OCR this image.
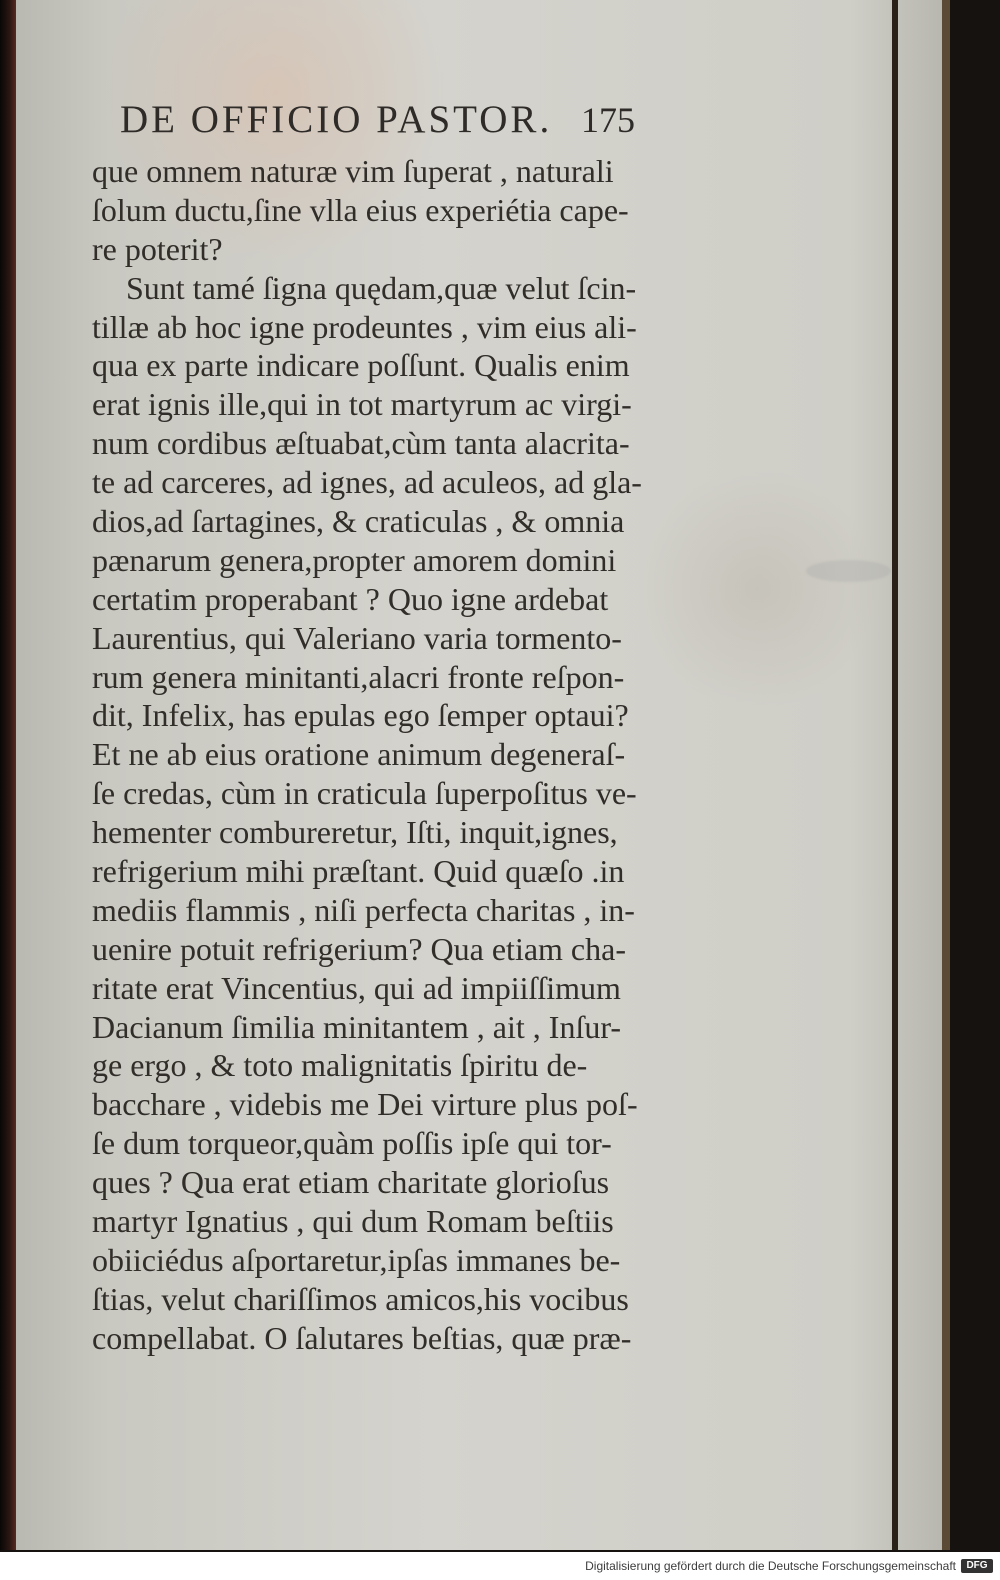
DE OFFICIO PASTOR. 175
que omnem naturæ vim ſuperat , naturali
ſolum ductu,ſine vlla eius experiétia cape-
re poterit?
Sunt tamé ſigna quędam,quæ velut ſcin-
tillæ ab hoc igne prodeuntes , vim eius ali-
qua ex parte indicare poſſunt. Qualis enim
erat ignis ille,qui in tot martyrum ac virgi-
num cordibus æſtuabat,cùm tanta alacrita-
te ad carceres, ad ignes, ad aculeos, ad gla-
dios,ad ſartagines, & craticulas , & omnia
pænarum genera,propter amorem domini
certatim properabant ? Quo igne ardebat
Laurentius, qui Valeriano varia tormento-
rum genera minitanti,alacri fronte reſpon-
dit, Infelix, has epulas ego ſemper optaui?
Et ne ab eius oratione animum degeneraſ-
ſe credas, cùm in craticula ſuperpoſitus ve-
hementer combureretur, Iſti, inquit,ignes,
refrigerium mihi præſtant. Quid quæſo .in
mediis flammis , niſi perfecta charitas , in-
uenire potuit refrigerium? Qua etiam cha-
ritate erat Vincentius, qui ad impiiſſimum
Dacianum ſimilia minitantem , ait , Inſur-
ge ergo , & toto malignitatis ſpiritu de-
bacchare , videbis me Dei virture plus poſ-
ſe dum torqueor,quàm poſſis ipſe qui tor-
ques ? Qua erat etiam charitate glorioſus
martyr Ignatius , qui dum Romam beſtiis
obiiciédus aſportaretur,ipſas immanes be-
ſtias, velut chariſſimos amicos,his vocibus
compellabat. O ſalutares beſtias, quæ præ-
Digitalisierung gefördert durch die Deutsche Forschungsgemeinschaft	DFG
